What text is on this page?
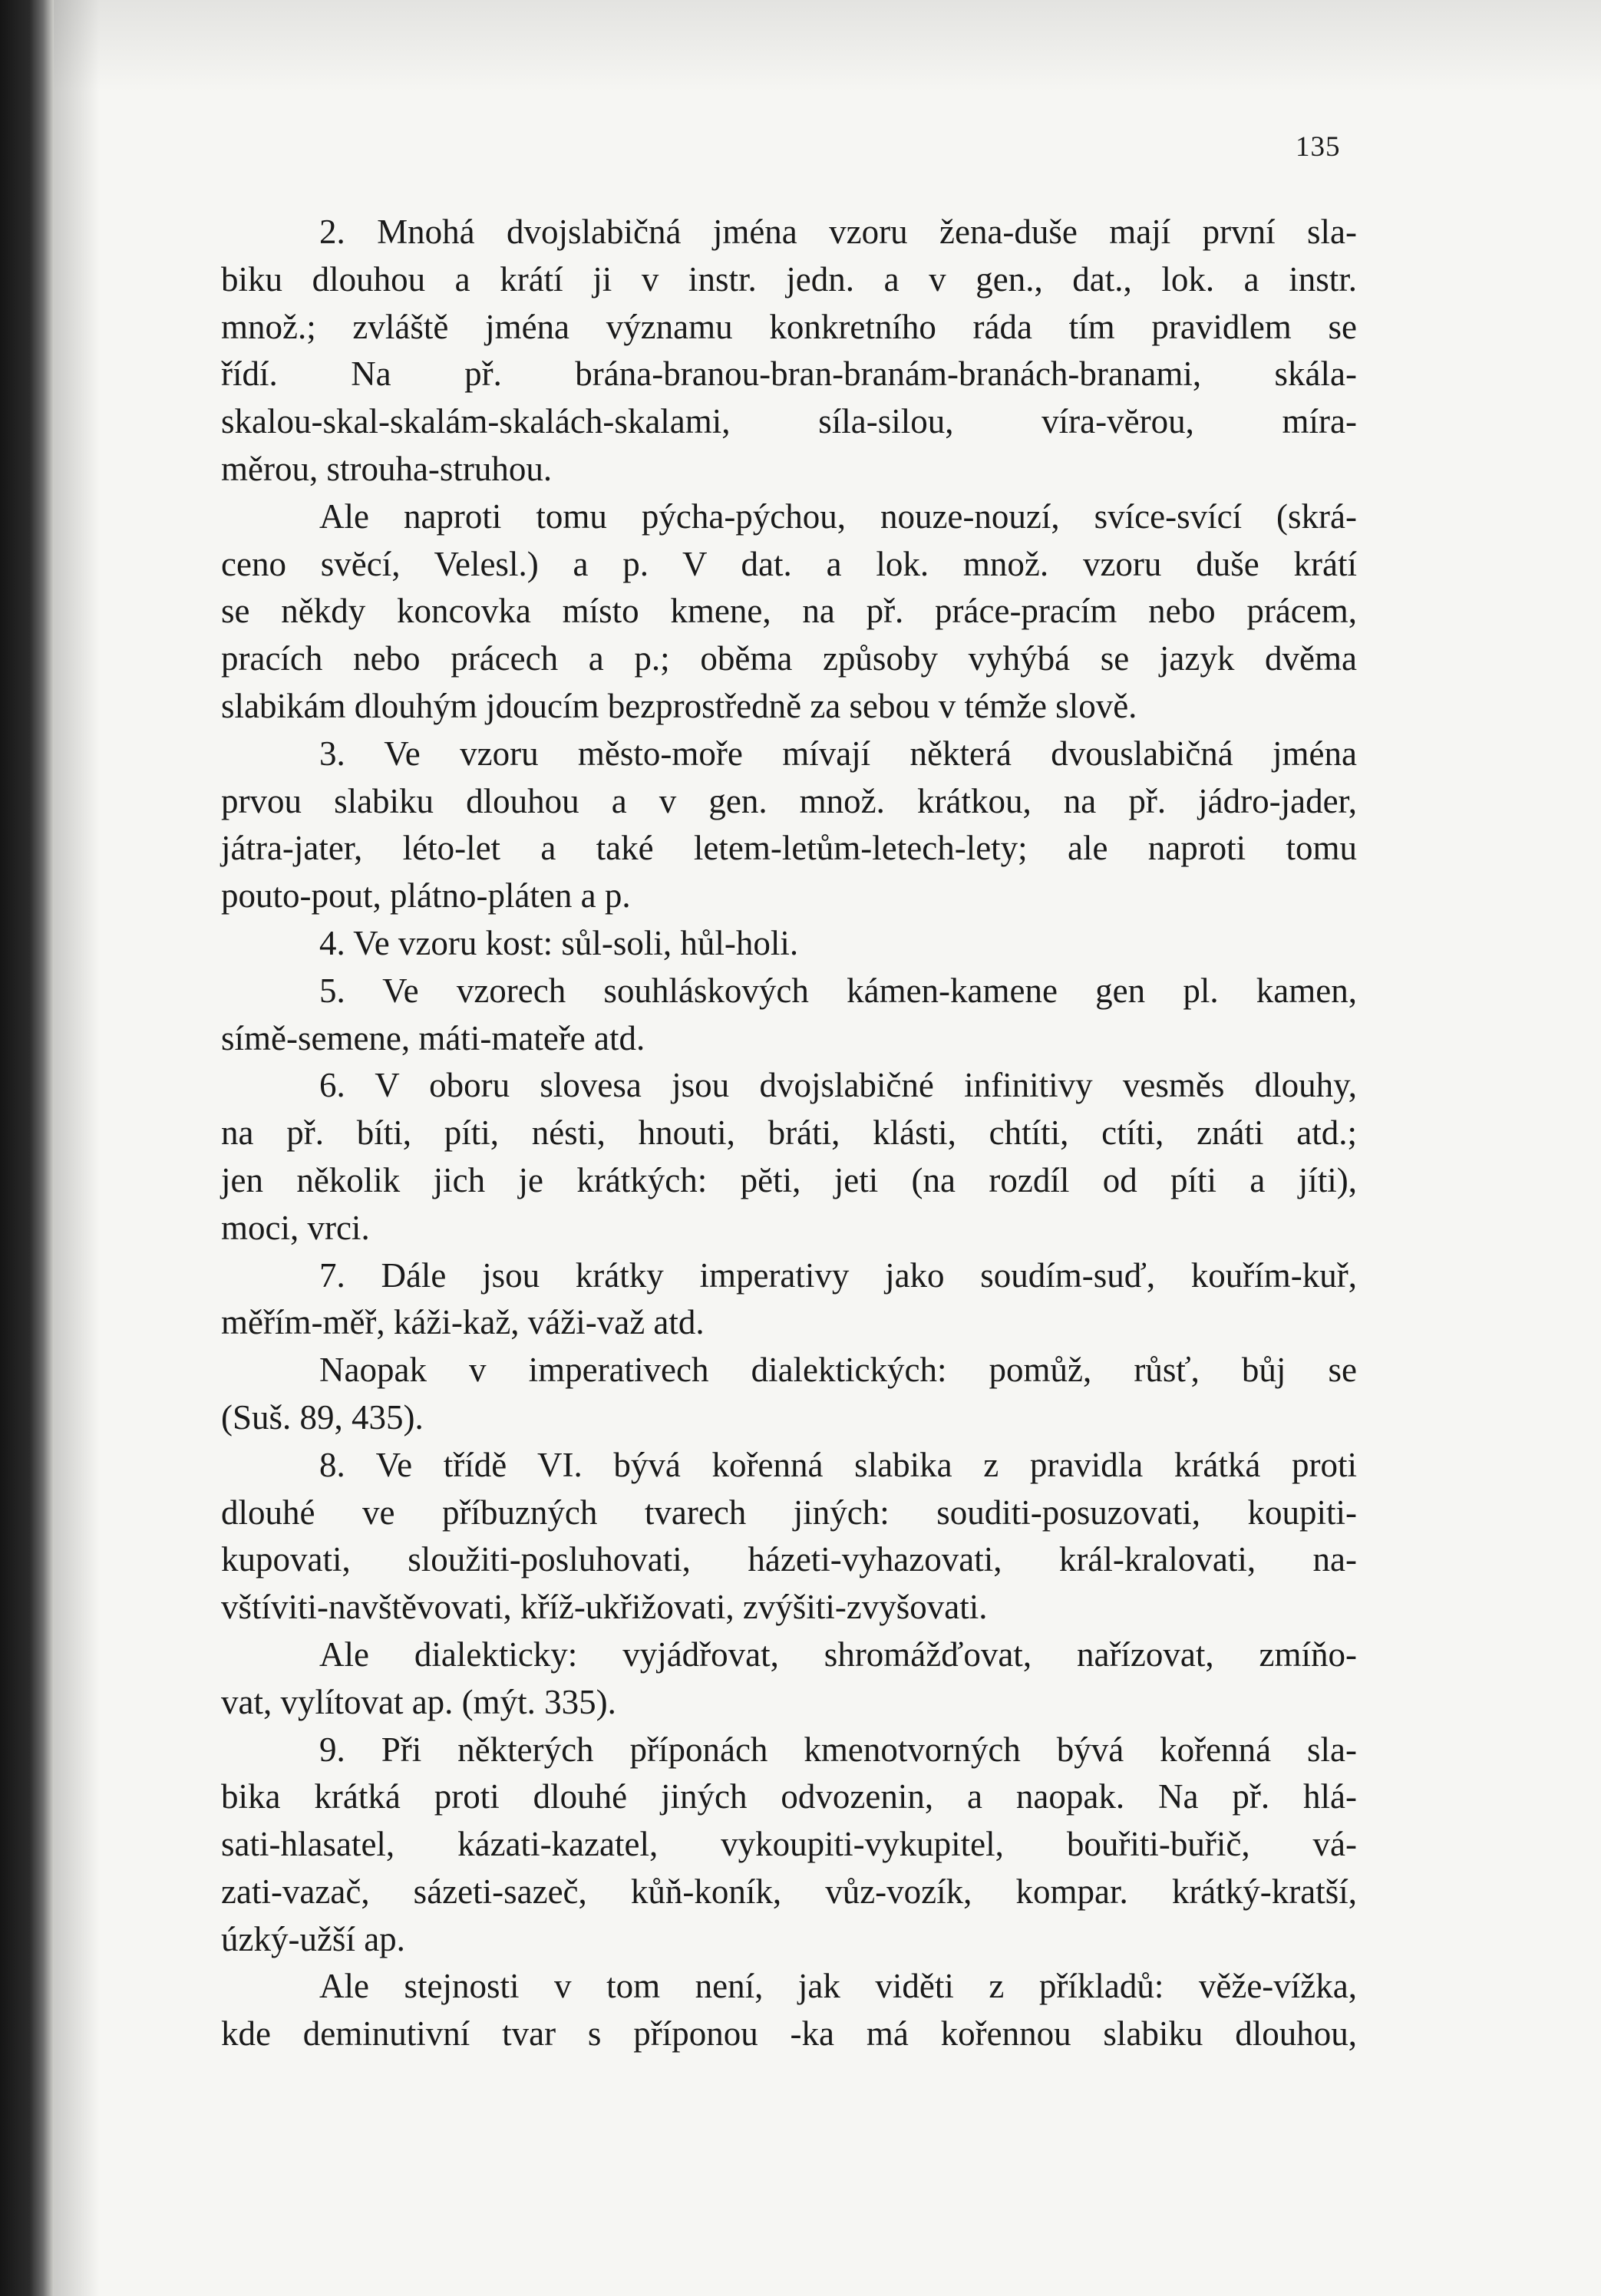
135
2. Mnohá dvojslabičná jména vzoru žena-duše mají první sla-
biku dlouhou a krátí ji v instr. jedn. a v gen., dat., lok. a instr.
množ.; zvláště jména významu konkretního ráda tím pravidlem se
řídí. Na př. brána-branou-bran-branám-branách-branami, skála-
skalou-skal-skalám-skalách-skalami, síla-silou, víra-vĕrou, míra-
měrou, strouha-struhou.
Ale naproti tomu pýcha-pýchou, nouze-nouzí, svíce-svící (skrá-
ceno svĕcí, Velesl.) a p. V dat. a lok. množ. vzoru duše krátí
se někdy koncovka místo kmene, na př. práce-pracím nebo prácem,
pracích nebo prácech a p.; oběma způsoby vyhýbá se jazyk dvěma
slabikám dlouhým jdoucím bezprostředně za sebou v témže slově.
3. Ve vzoru město-moře mívají některá dvouslabičná jména
prvou slabiku dlouhou a v gen. množ. krátkou, na př. jádro-jader,
játra-jater, léto-let a také letem-letům-letech-lety; ale naproti tomu
pouto-pout, plátno-pláten a p.
4. Ve vzoru kost: sůl-soli, hůl-holi.
5. Ve vzorech souhláskových kámen-kamene gen pl. kamen,
símě-semene, máti-mateře atd.
6. V oboru slovesa jsou dvojslabičné infinitivy vesměs dlouhy,
na př. bíti, píti, nésti, hnouti, bráti, klásti, chtíti, ctíti, znáti atd.;
jen několik jich je krátkých: pĕti, jeti (na rozdíl od píti a jíti),
moci, vrci.
7. Dále jsou krátky imperativy jako soudím-suď, kouřím-kuř,
měřím-měř, káži-kaž, váži-važ atd.
Naopak v imperativech dialektických: pomůž, růsť, bůj se
(Suš. 89, 435).
8. Ve třídě VI. bývá kořenná slabika z pravidla krátká proti
dlouhé ve příbuzných tvarech jiných: souditi-posuzovati, koupiti-
kupovati, sloužiti-posluhovati, házeti-vyhazovati, král-kralovati, na-
vštíviti-navštěvovati, kříž-ukřižovati, zvýšiti-zvyšovati.
Ale dialekticky: vyjádřovat, shromážďovat, nařízovat, zmíňo-
vat, vylítovat ap. (mýt. 335).
9. Při některých příponách kmenotvorných bývá kořenná sla-
bika krátká proti dlouhé jiných odvozenin, a naopak. Na př. hlá-
sati-hlasatel, kázati-kazatel, vykoupiti-vykupitel, bouřiti-buřič, vá-
zati-vazač, sázeti-sazeč, kůň-koník, vůz-vozík, kompar. krátký-kratší,
úzký-užší ap.
Ale stejnosti v tom není, jak viděti z příkladů: věže-vížka,
kde deminutivní tvar s příponou -ka má kořennou slabiku dlouhou,
